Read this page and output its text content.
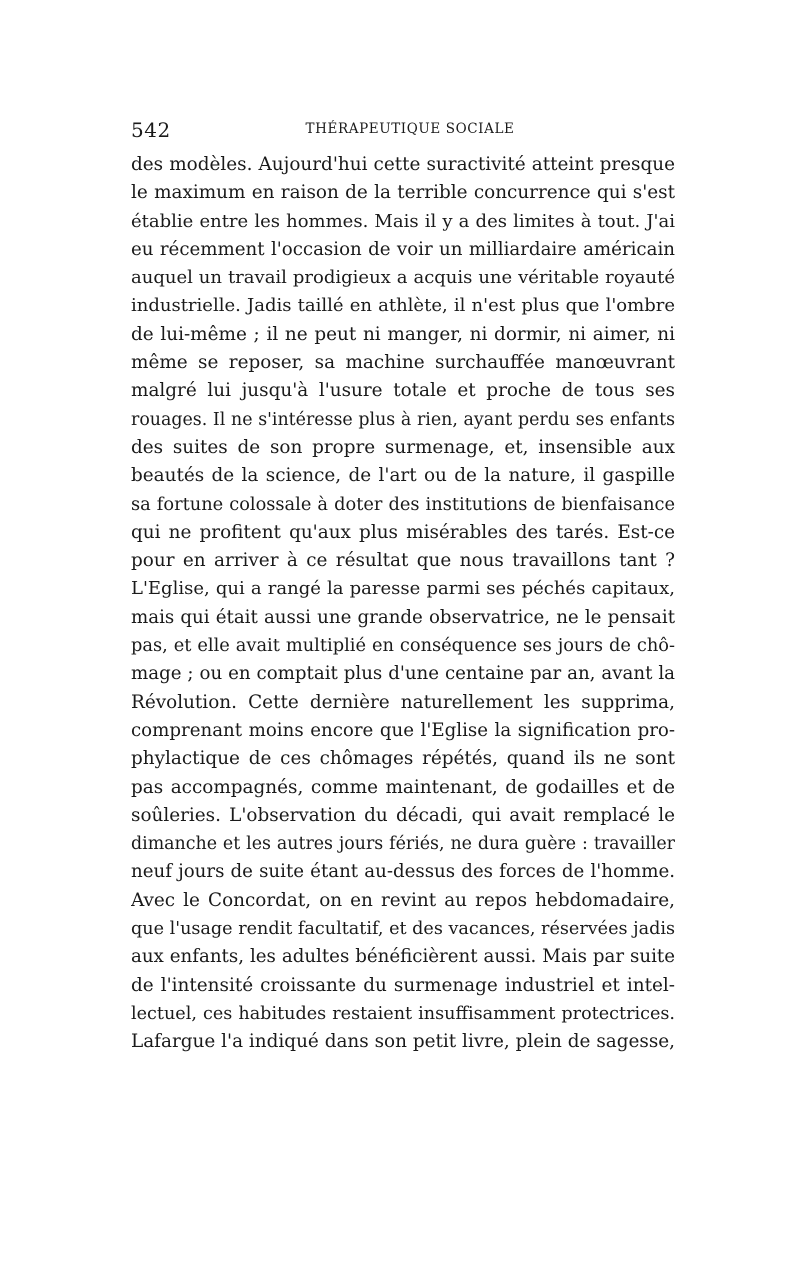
542	THÉRAPEUTIQUE SOCIALE
des modèles. Aujourd'hui cette suractivité atteint presque
le maximum en raison de la terrible concurrence qui s'est
établie entre les hommes. Mais il y a des limites à tout. J'ai
eu récemment l'occasion de voir un milliardaire américain
auquel un travail prodigieux a acquis une véritable royauté
industrielle. Jadis taillé en athlète, il n'est plus que l'ombre
de lui-même ; il ne peut ni manger, ni dormir, ni aimer, ni
même se reposer, sa machine surchauffée manœuvrant
malgré lui jusqu'à l'usure totale et proche de tous ses
rouages. Il ne s'intéresse plus à rien, ayant perdu ses enfants
des suites de son propre surmenage, et, insensible aux
beautés de la science, de l'art ou de la nature, il gaspille
sa fortune colossale à doter des institutions de bienfaisance
qui ne profitent qu'aux plus misérables des tarés. Est-ce
pour en arriver à ce résultat que nous travaillons tant ?
L'Eglise, qui a rangé la paresse parmi ses péchés capitaux,
mais qui était aussi une grande observatrice, ne le pensait
pas, et elle avait multiplié en conséquence ses jours de chô-
mage ; ou en comptait plus d'une centaine par an, avant la
Révolution. Cette dernière naturellement les supprima,
comprenant moins encore que l'Eglise la signification pro-
phylactique de ces chômages répétés, quand ils ne sont
pas accompagnés, comme maintenant, de godailles et de
soûleries. L'observation du décadi, qui avait remplacé le
dimanche et les autres jours fériés, ne dura guère : travailler
neuf jours de suite étant au-dessus des forces de l'homme.
Avec le Concordat, on en revint au repos hebdomadaire,
que l'usage rendit facultatif, et des vacances, réservées jadis
aux enfants, les adultes bénéficièrent aussi. Mais par suite
de l'intensité croissante du surmenage industriel et intel-
lectuel, ces habitudes restaient insuffisamment protectrices.
Lafargue l'a indiqué dans son petit livre, plein de sagesse,
